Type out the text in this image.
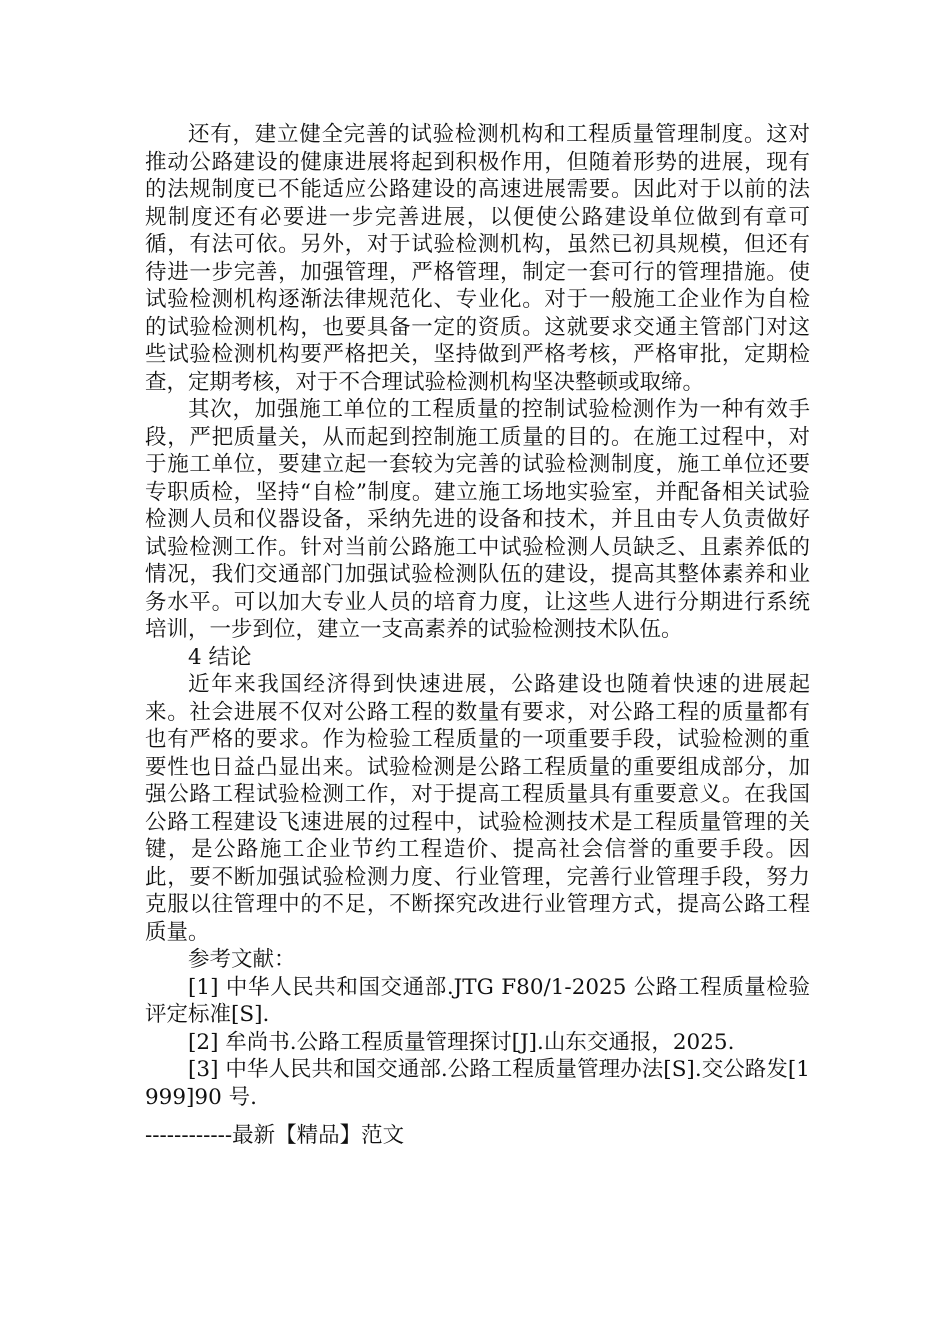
还有，建立健全完善的试验检测机构和工程质量管理制度。这对推动公路建设的健康进展将起到积极作用，但随着形势的进展，现有的法规制度已不能适应公路建设的高速进展需要。因此对于以前的法规制度还有必要进一步完善进展，以便使公路建设单位做到有章可循，有法可依。另外，对于试验检测机构，虽然已初具规模，但还有待进一步完善，加强管理，严格管理，制定一套可行的管理措施。使试验检测机构逐渐法律规范化、专业化。对于一般施工企业作为自检的试验检测机构，也要具备一定的资质。这就要求交通主管部门对这些试验检测机构要严格把关，坚持做到严格考核，严格审批，定期检查，定期考核，对于不合理试验检测机构坚决整顿或取缔。

其次，加强施工单位的工程质量的控制试验检测作为一种有效手段，严把质量关，从而起到控制施工质量的目的。在施工过程中，对于施工单位，要建立起一套较为完善的试验检测制度，施工单位还要专职质检，坚持“自检”制度。建立施工场地实验室，并配备相关试验检测人员和仪器设备，采纳先进的设备和技术，并且由专人负责做好试验检测工作。针对当前公路施工中试验检测人员缺乏、且素养低的情况，我们交通部门加强试验检测队伍的建设，提高其整体素养和业务水平。可以加大专业人员的培育力度，让这些人进行分期进行系统培训，一步到位，建立一支高素养的试验检测技术队伍。

4 结论

近年来我国经济得到快速进展，公路建设也随着快速的进展起来。社会进展不仅对公路工程的数量有要求，对公路工程的质量都有也有严格的要求。作为检验工程质量的一项重要手段，试验检测的重要性也日益凸显出来。试验检测是公路工程质量的重要组成部分，加强公路工程试验检测工作，对于提高工程质量具有重要意义。在我国公路工程建设飞速进展的过程中，试验检测技术是工程质量管理的关键，是公路施工企业节约工程造价、提高社会信誉的重要手段。因此，要不断加强试验检测力度、行业管理，完善行业管理手段，努力克服以往管理中的不足，不断探究改进行业管理方式，提高公路工程质量。

参考文献：

[1] 中华人民共和国交通部.JTG F80/1-2025 公路工程质量检验评定标准[S].

[2] 牟尚书.公路工程质量管理探讨[J].山东交通报，2025.

[3] 中华人民共和国交通部.公路工程质量管理办法[S].交公路发[1999]90 号.

------------最新【精品】范文
